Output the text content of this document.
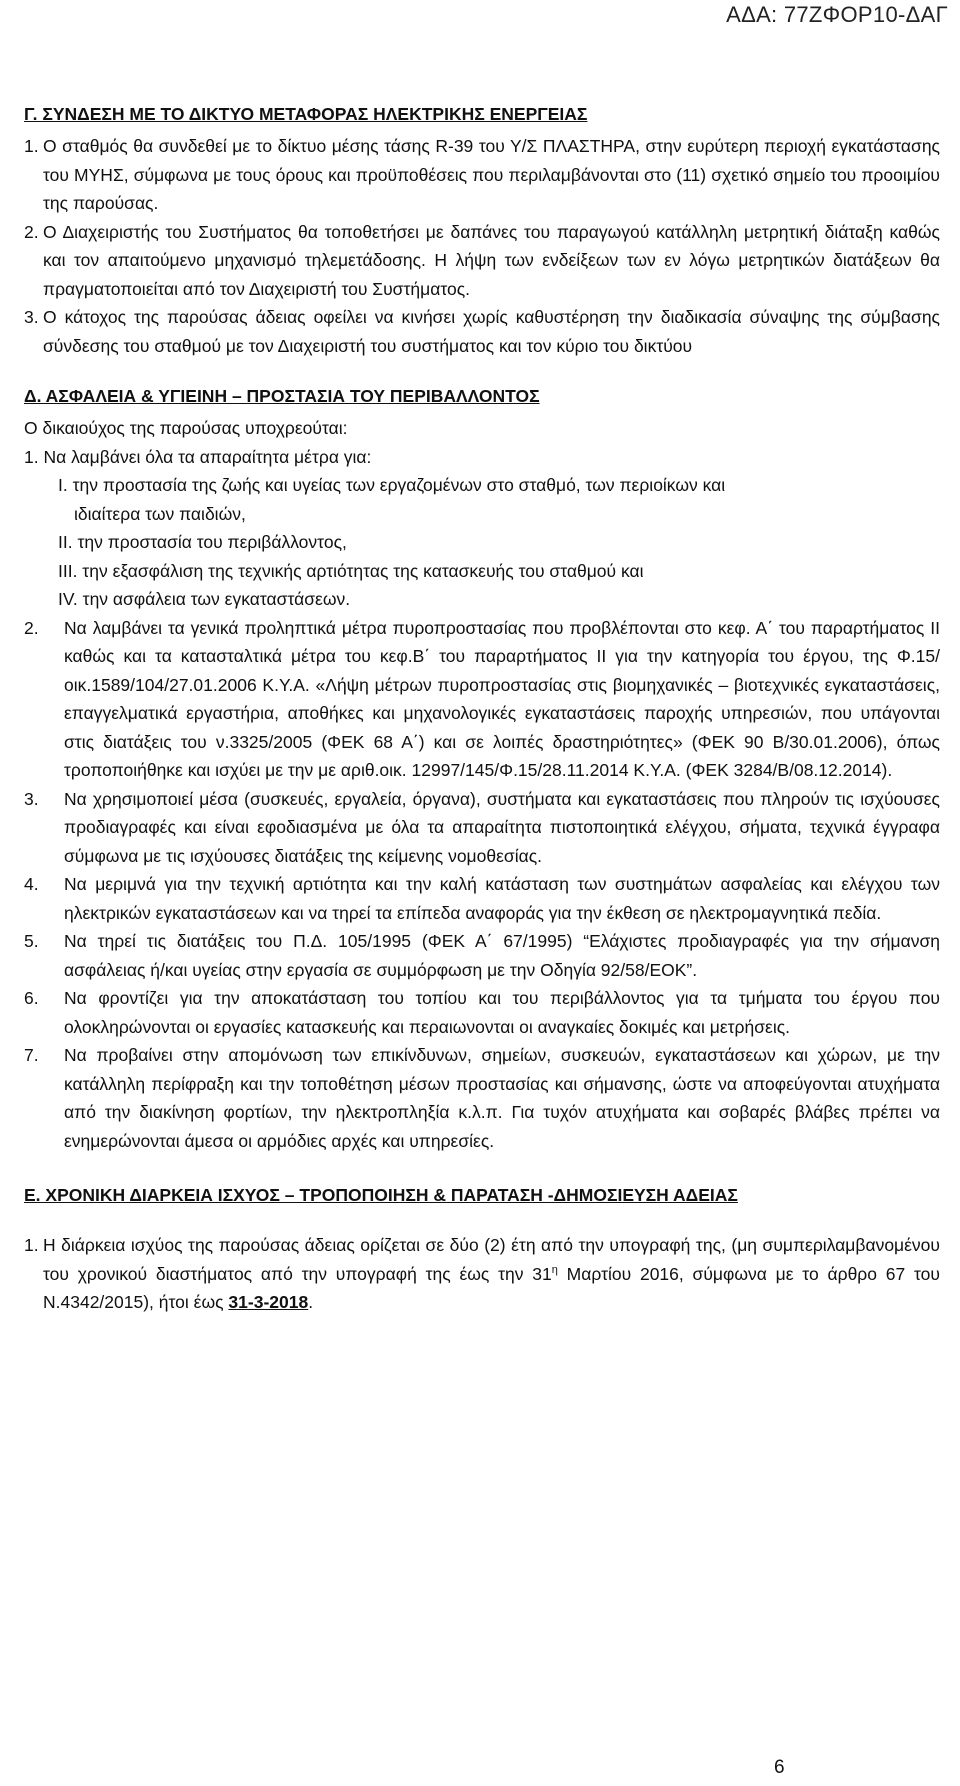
ΑΔΑ: 77ΖΦΟΡ10-ΔΑΓ
Γ. ΣΥΝΔΕΣΗ ΜΕ ΤΟ ΔΙΚΤΥΟ ΜΕΤΑΦΟΡΑΣ ΗΛΕΚΤΡΙΚΗΣ ΕΝΕΡΓΕΙΑΣ

1. Ο σταθμός θα συνδεθεί με το δίκτυο μέσης τάσης R-39 του Υ/Σ ΠΛΑΣΤΗΡΑ, στην ευρύτερη περιοχή εγκατάστασης του ΜΥΗΣ, σύμφωνα με τους όρους και προϋποθέσεις που περιλαμβάνονται στο (11) σχετικό σημείο του προοιμίου της παρούσας.

2. Ο Διαχειριστής του Συστήματος θα τοποθετήσει με δαπάνες του παραγωγού κατάλληλη μετρητική διάταξη καθώς και τον απαιτούμενο μηχανισμό τηλεμετάδοσης. Η λήψη των ενδείξεων των εν λόγω μετρητικών διατάξεων θα πραγματοποιείται από τον Διαχειριστή του Συστήματος.

3. Ο κάτοχος της παρούσας άδειας οφείλει να κινήσει χωρίς καθυστέρηση την διαδικασία σύναψης της σύμβασης σύνδεσης του σταθμού με τον Διαχειριστή του συστήματος και τον κύριο του δικτύου

Δ. ΑΣΦΑΛΕΙΑ & ΥΓΙΕΙΝΗ – ΠΡΟΣΤΑΣΙΑ ΤΟΥ ΠΕΡΙΒΑΛΛΟΝΤΟΣ

Ο δικαιούχος της παρούσας υποχρεούται:

1. Να λαμβάνει όλα τα απαραίτητα μέτρα για:

I. την προστασία της ζωής και υγείας των εργαζομένων στο σταθμό, των περιοίκων και

ιδιαίτερα των παιδιών,

II. την προστασία του περιβάλλοντος,

III. την εξασφάλιση της τεχνικής αρτιότητας της κατασκευής του σταθμού και

IV. την ασφάλεια των εγκαταστάσεων.

2. Να λαμβάνει τα γενικά προληπτικά μέτρα πυροπροστασίας που προβλέπονται στο κεφ. Α΄ του παραρτήματος ΙΙ καθώς και τα κατασταλτικά μέτρα του κεφ.Β΄ του παραρτήματος ΙΙ για την κατηγορία του έργου, της Φ.15/οικ.1589/104/27.01.2006 Κ.Υ.Α. «Λήψη μέτρων πυροπροστασίας στις βιομηχανικές – βιοτεχνικές εγκαταστάσεις, επαγγελματικά εργαστήρια, αποθήκες και μηχανολογικές εγκαταστάσεις παροχής υπηρεσιών, που υπάγονται στις διατάξεις του ν.3325/2005 (ΦΕΚ 68 Α΄) και σε λοιπές δραστηριότητες» (ΦΕΚ 90 Β/30.01.2006), όπως τροποποιήθηκε και ισχύει με την με αριθ.οικ. 12997/145/Φ.15/28.11.2014 Κ.Υ.Α. (ΦΕΚ 3284/Β/08.12.2014).

3. Να χρησιμοποιεί μέσα (συσκευές, εργαλεία, όργανα), συστήματα και εγκαταστάσεις που πληρούν τις ισχύουσες προδιαγραφές και είναι εφοδιασμένα με όλα τα απαραίτητα πιστοποιητικά ελέγχου, σήματα, τεχνικά έγγραφα σύμφωνα με τις ισχύουσες διατάξεις της κείμενης νομοθεσίας.

4. Να μεριμνά για την τεχνική αρτιότητα και την καλή κατάσταση των συστημάτων ασφαλείας και ελέγχου των ηλεκτρικών εγκαταστάσεων και να τηρεί τα επίπεδα αναφοράς για την έκθεση σε ηλεκτρομαγνητικά πεδία.

5. Να τηρεί τις διατάξεις του Π.Δ. 105/1995 (ΦΕΚ Α΄ 67/1995) “Ελάχιστες προδιαγραφές για την σήμανση ασφάλειας ή/και υγείας στην εργασία σε συμμόρφωση με την Οδηγία 92/58/ΕΟΚ”.

6. Να φροντίζει για την αποκατάσταση του τοπίου και του περιβάλλοντος για τα τμήματα του έργου που ολοκληρώνονται οι εργασίες κατασκευής και περαιωνονται οι αναγκαίες δοκιμές και μετρήσεις.

7. Να προβαίνει στην απομόνωση των επικίνδυνων, σημείων, συσκευών, εγκαταστάσεων και χώρων, με την κατάλληλη περίφραξη και την τοποθέτηση μέσων προστασίας και σήμανσης, ώστε να αποφεύγονται ατυχήματα από την διακίνηση φορτίων, την ηλεκτροπληξία κ.λ.π. Για τυχόν ατυχήματα και σοβαρές βλάβες πρέπει να ενημερώνονται άμεσα οι αρμόδιες αρχές και υπηρεσίες.

Ε. ΧΡΟΝΙΚΗ ΔΙΑΡΚΕΙΑ ΙΣΧΥΟΣ – ΤΡΟΠΟΠΟΙΗΣΗ & ΠΑΡΑΤΑΣΗ -ΔΗΜΟΣΙΕΥΣΗ ΑΔΕΙΑΣ

1. Η διάρκεια ισχύος της παρούσας άδειας ορίζεται σε δύο (2) έτη από την υπογραφή της, (μη συμπεριλαμβανομένου του χρονικού διαστήματος από την υπογραφή της έως την $31^\eta$ Μαρτίου 2016, σύμφωνα με το άρθρο 67 του Ν.4342/2015), ήτοι έως 31-3-2018.

6
